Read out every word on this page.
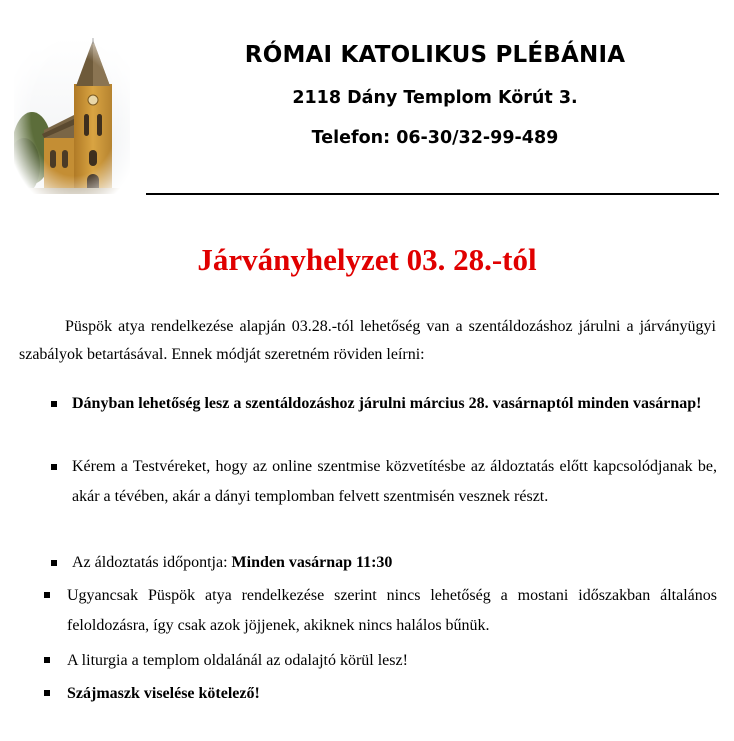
RÓMAI KATOLIKUS PLÉBÁNIA
2118 Dány Templom Körút 3.
Telefon: 06-30/32-99-489
Járványhelyzet 03. 28.-tól

Püspök atya rendelkezése alapján 03.28.-tól lehetőség van a szentáldozáshoz járulni a járványügyi szabályok betartásával. Ennek módját szeretném röviden leírni:

Dányban lehetőség lesz a szentáldozáshoz járulni március 28. vasárnaptól minden vasárnap!

Kérem a Testvéreket, hogy az online szentmise közvetítésbe az áldoztatás előtt kapcsolódjanak be, akár a tévében, akár a dányi templomban felvett szentmisén vesznek részt.

Az áldoztatás időpontja: Minden vasárnap 11:30

Ugyancsak Püspök atya rendelkezése szerint nincs lehetőség a mostani időszakban általános feloldozásra, így csak azok jöjjenek, akiknek nincs halálos bűnük.

A liturgia a templom oldalánál az odalajtó körül lesz!

Szájmaszk viselése kötelező!
